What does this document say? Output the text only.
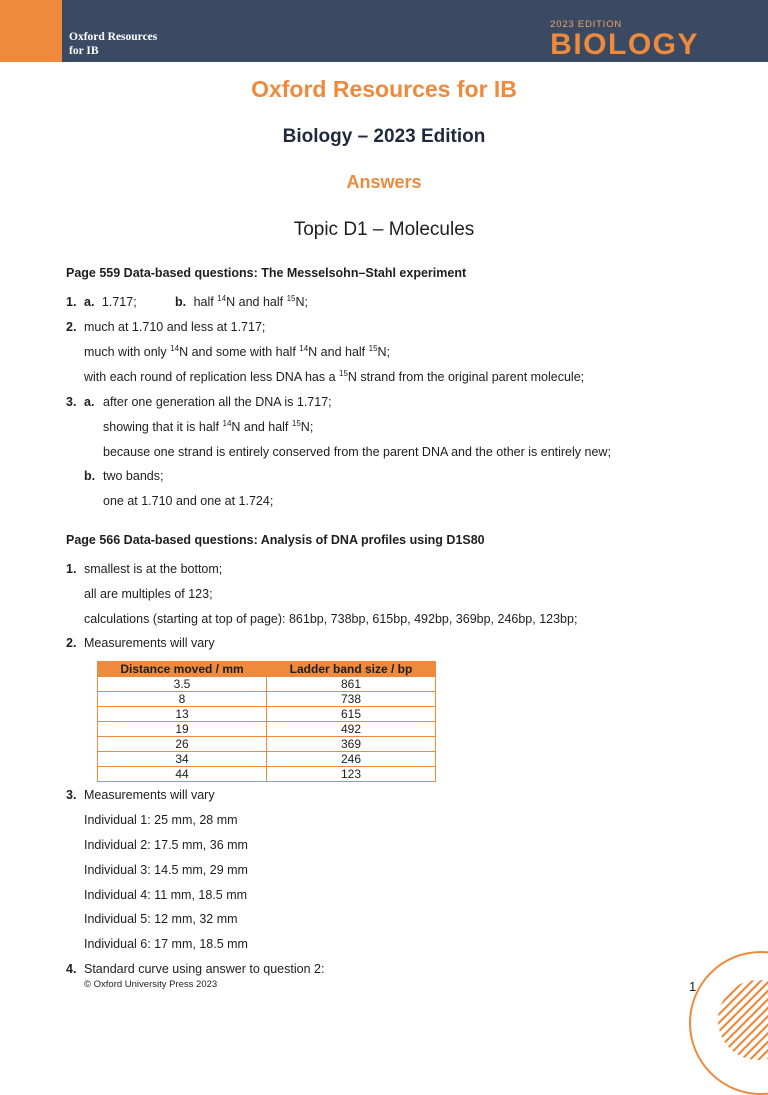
Oxford Resources
for IB
2023 EDITION
BIOLOGY
Oxford Resources for IB
Biology – 2023 Edition
Answers
Topic D1 – Molecules
Page 559 Data-based questions: The Messelsohn–Stahl experiment
1. a. 1.717;	b. half $^{14}$N and half $^{15}$N;
2. much at 1.710 and less at 1.717;
much with only $^{14}$N and some with half $^{14}$N and half $^{15}$N;
with each round of replication less DNA has a $^{15}$N strand from the original parent molecule;
3. a. after one generation all the DNA is 1.717;
showing that it is half $^{14}$N and half $^{15}$N;
because one strand is entirely conserved from the parent DNA and the other is entirely new;
b. two bands;
one at 1.710 and one at 1.724;
Page 566 Data-based questions: Analysis of DNA profiles using D1S80
1. smallest is at the bottom;
all are multiples of 123;
calculations (starting at top of page): 861bp, 738bp, 615bp, 492bp, 369bp, 246bp, 123bp;
2. Measurements will vary
Distance moved / mm	Ladder band size / bp
3.5	861
8	738
13	615
19	492
26	369
34	246
44	123
3. Measurements will vary
Individual 1: 25 mm, 28 mm
Individual 2: 17.5 mm, 36 mm
Individual 3: 14.5 mm, 29 mm
Individual 4: 11 mm, 18.5 mm
Individual 5: 12 mm, 32 mm
Individual 6: 17 mm, 18.5 mm
4. Standard curve using answer to question 2:
© Oxford University Press 2023	1
